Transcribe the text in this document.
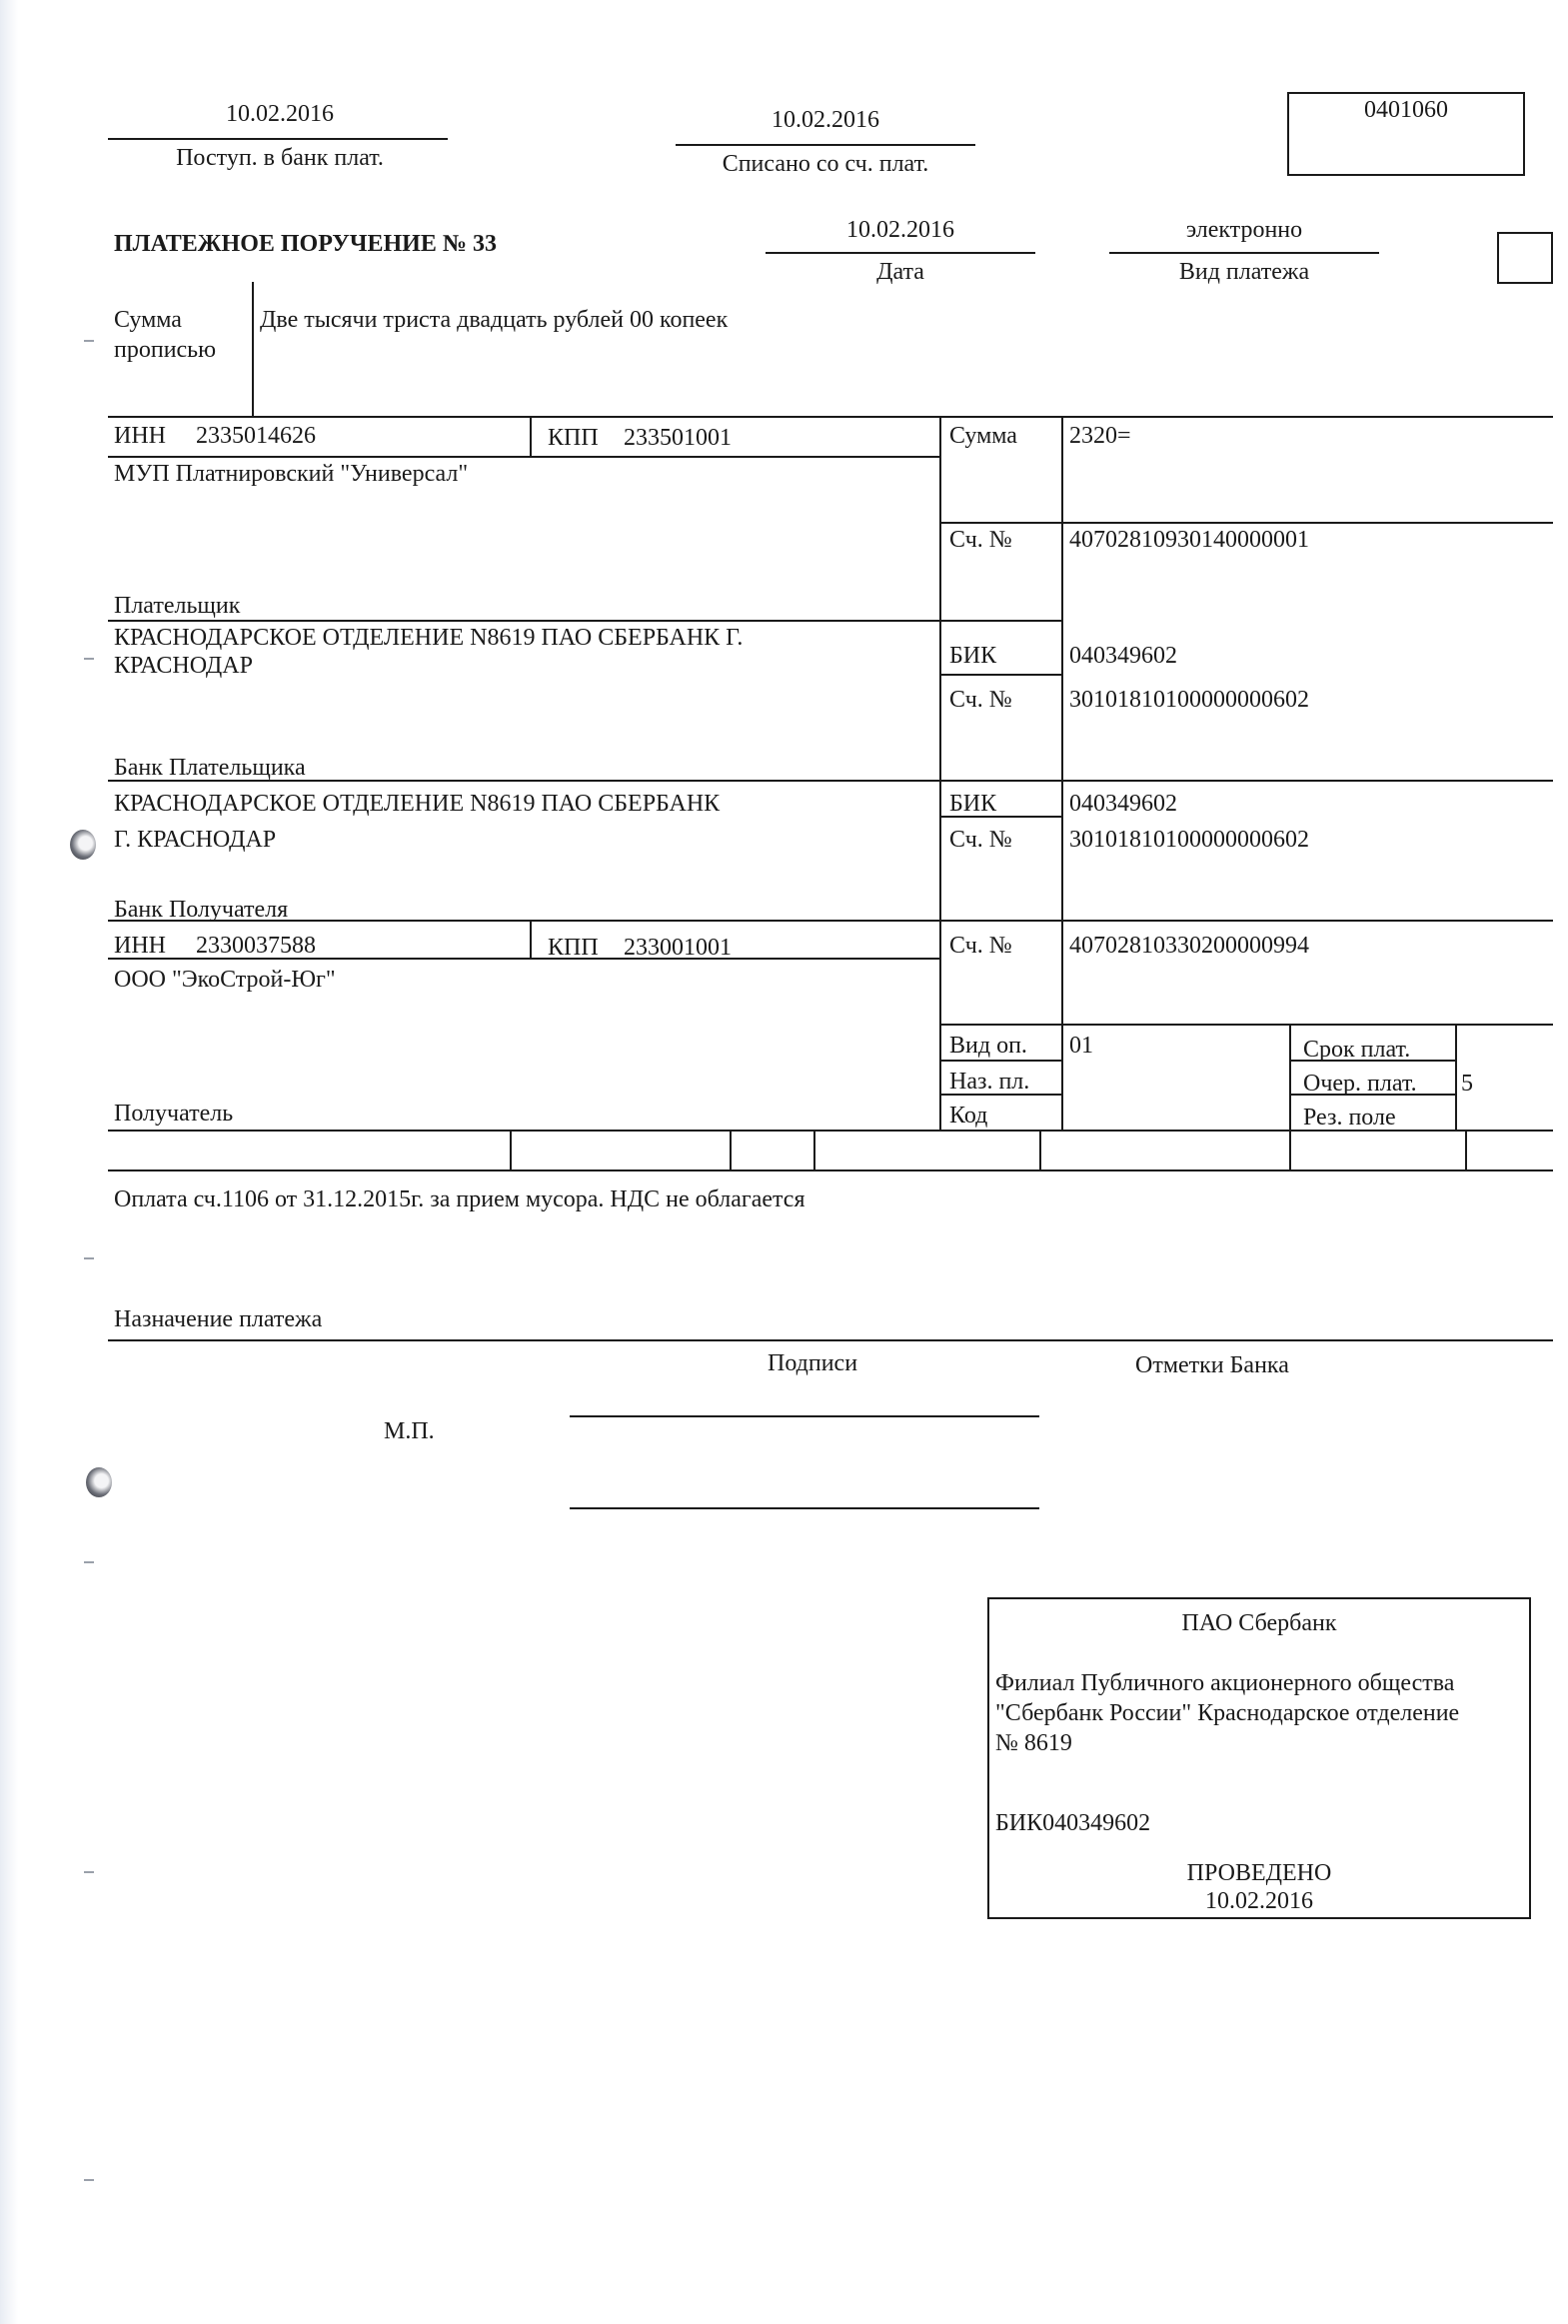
10.02.2016
Поступ. в банк плат.
10.02.2016
Списано со сч. плат.
0401060
ПЛАТЕЖНОЕ ПОРУЧЕНИЕ № 33
10.02.2016
Дата
электронно
Вид платежа
Сумма
прописью
Две тысячи триста двадцать рублей 00 копеек
ИНН 2335014626	КПП 233501001
МУП Платнировский "Универсал"
Плательщик
Сумма 2320=
Сч. № 40702810930140000001
КРАСНОДАРСКОЕ ОТДЕЛЕНИЕ N8619 ПАО СБЕРБАНК Г.
КРАСНОДАР
Банк Плательщика
БИК	040349602
Сч. № 30101810100000000602
КРАСНОДАРСКОЕ ОТДЕЛЕНИЕ N8619 ПАО СБЕРБАНК
Г. КРАСНОДАР
Банк Получателя
БИК	040349602
Сч. № 30101810100000000602
ИНН 2330037588	КПП 233001001
ООО "ЭкоСтрой-Юг"
Получатель
Сч. № 40702810330200000994
Вид оп. 01
Наз. пл.
Код
Срок плат.
Очер. плат. 5
Рез. поле
Оплата сч.1106 от 31.12.2015г. за прием мусора. НДС не облагается
Назначение платежа
Подписи	Отметки Банка
М.П.
ПАО Сбербанк
Филиал Публичного акционерного общества
"Сбербанк России" Краснодарское отделение
№ 8619
БИК040349602
ПРОВЕДЕНО
10.02.2016
